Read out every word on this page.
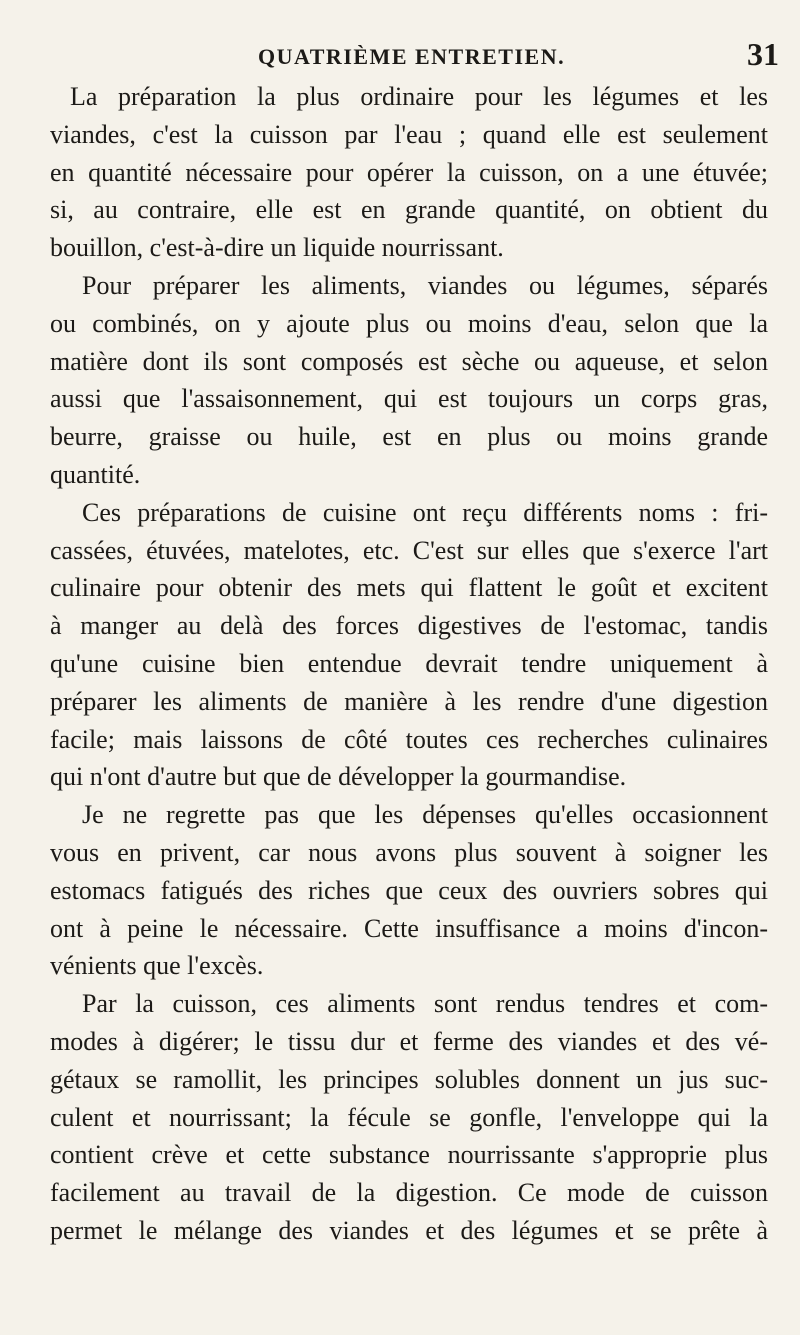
QUATRIÈME ENTRETIEN.	31
La préparation la plus ordinaire pour les légumes et les
viandes, c'est la cuisson par l'eau ; quand elle est seulement
en quantité nécessaire pour opérer la cuisson, on a une étuvée;
si, au contraire, elle est en grande quantité, on obtient du
bouillon, c'est-à-dire un liquide nourrissant.
Pour préparer les aliments, viandes ou légumes, séparés
ou combinés, on y ajoute plus ou moins d'eau, selon que la
matière dont ils sont composés est sèche ou aqueuse, et selon
aussi que l'assaisonnement, qui est toujours un corps gras,
beurre, graisse ou huile, est en plus ou moins grande
quantité.
Ces préparations de cuisine ont reçu différents noms : fri-
cassées, étuvées, matelotes, etc. C'est sur elles que s'exerce l'art
culinaire pour obtenir des mets qui flattent le goût et excitent
à manger au delà des forces digestives de l'estomac, tandis
qu'une cuisine bien entendue devrait tendre uniquement à
préparer les aliments de manière à les rendre d'une digestion
facile; mais laissons de côté toutes ces recherches culinaires
qui n'ont d'autre but que de développer la gourmandise.
Je ne regrette pas que les dépenses qu'elles occasionnent
vous en privent, car nous avons plus souvent à soigner les
estomacs fatigués des riches que ceux des ouvriers sobres qui
ont à peine le nécessaire. Cette insuffisance a moins d'incon-
vénients que l'excès.
Par la cuisson, ces aliments sont rendus tendres et com-
modes à digérer; le tissu dur et ferme des viandes et des vé-
gétaux se ramollit, les principes solubles donnent un jus suc-
culent et nourrissant; la fécule se gonfle, l'enveloppe qui la
contient crève et cette substance nourrissante s'approprie plus
facilement au travail de la digestion. Ce mode de cuisson
permet le mélange des viandes et des légumes et se prête à
